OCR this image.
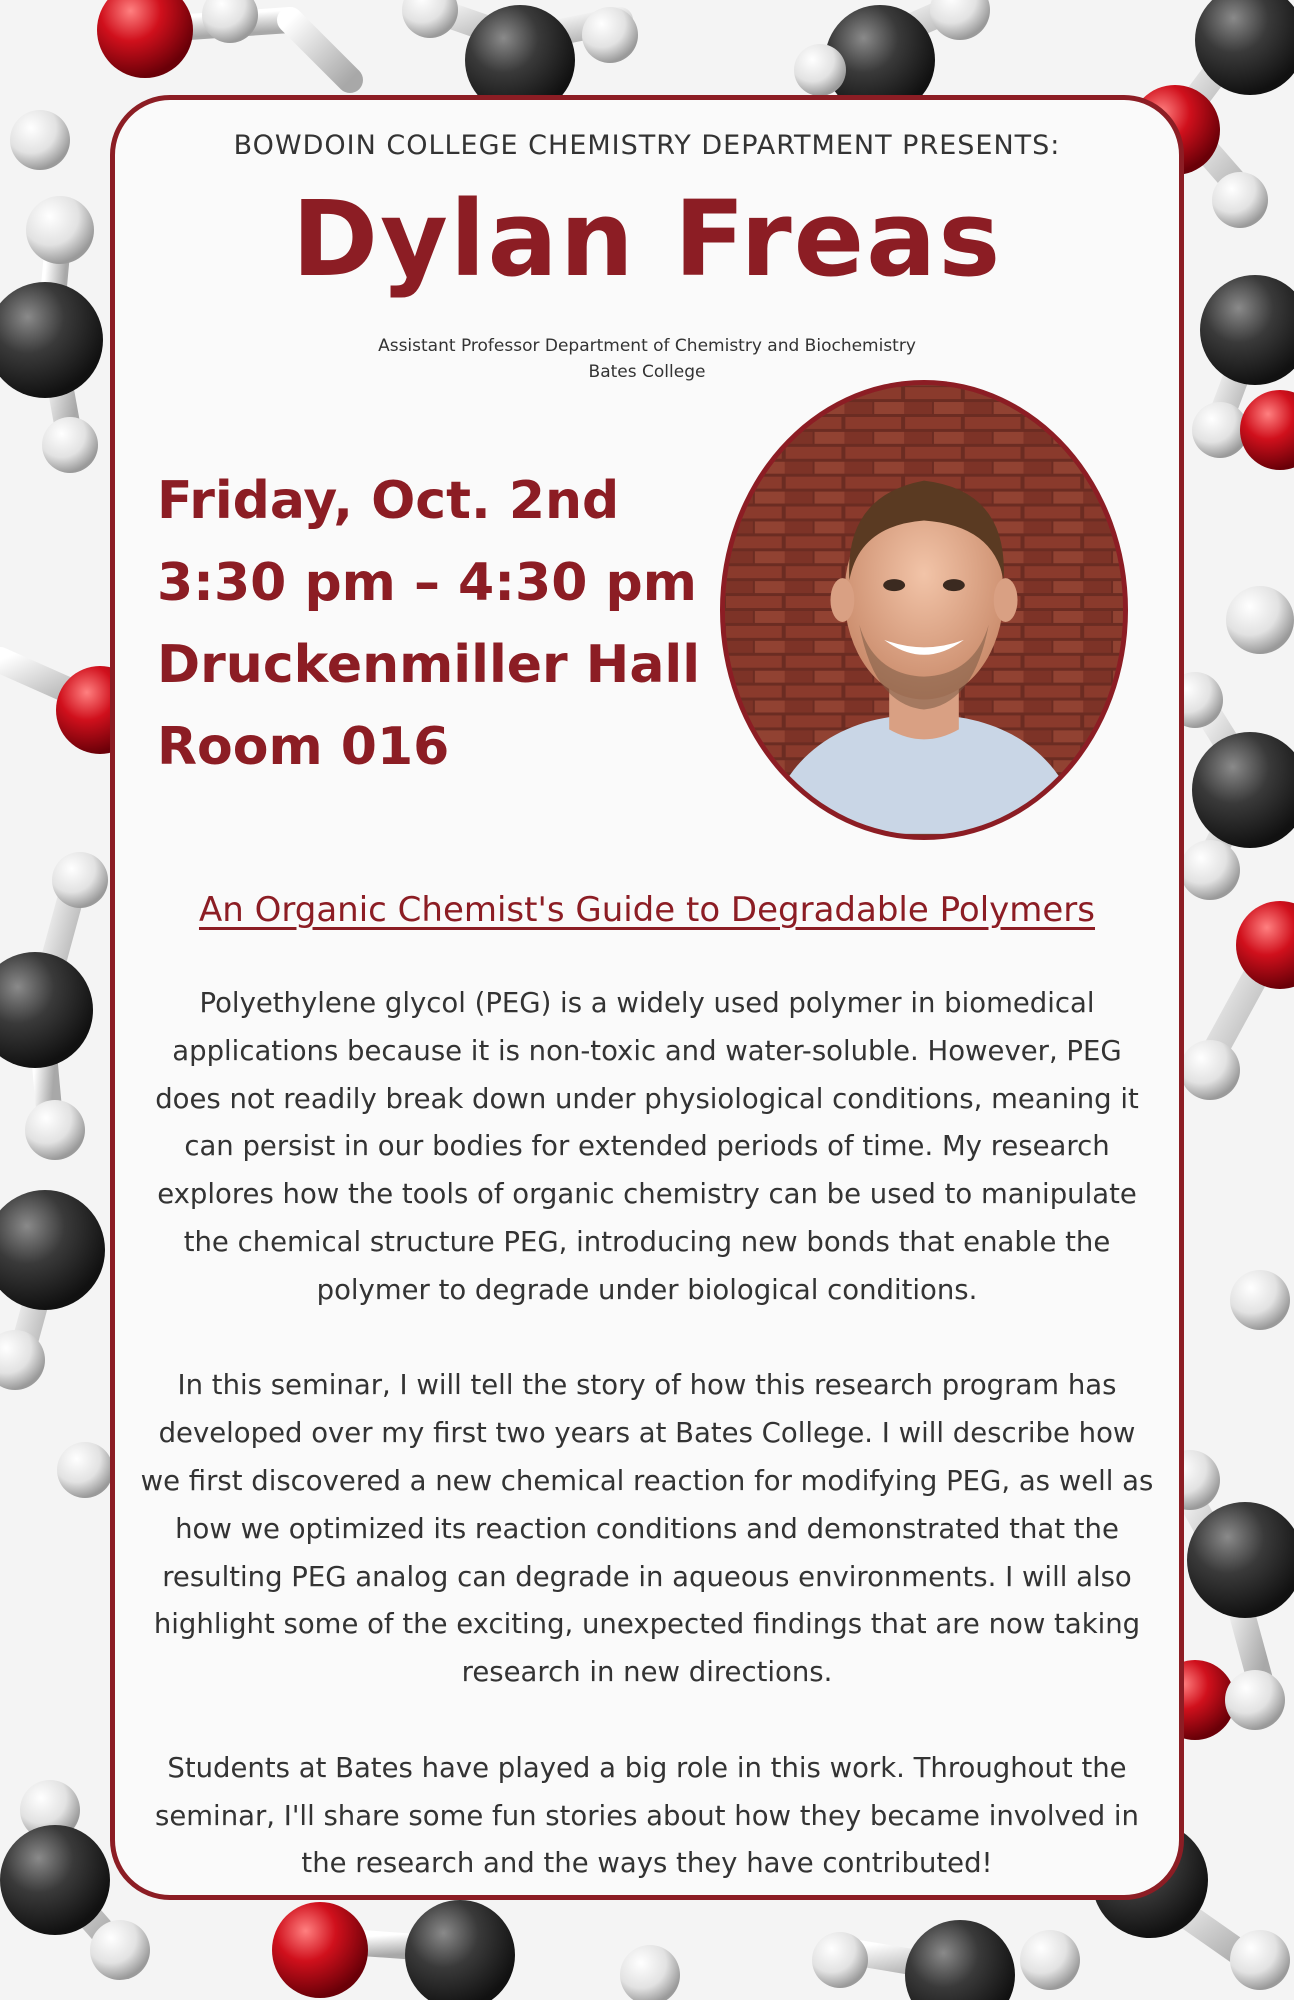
BOWDOIN COLLEGE CHEMISTRY DEPARTMENT PRESENTS:
Dylan Freas
Assistant Professor Department of Chemistry and Biochemistry
Bates College
Friday, Oct. 2nd
3:30 pm – 4:30 pm
Druckenmiller Hall
Room 016
An Organic Chemist's Guide to Degradable Polymers

Polyethylene glycol (PEG) is a widely used polymer in biomedical applications because it is non-toxic and water-soluble. However, PEG does not readily break down under physiological conditions, meaning it can persist in our bodies for extended periods of time. My research explores how the tools of organic chemistry can be used to manipulate the chemical structure PEG, introducing new bonds that enable the polymer to degrade under biological conditions.

In this seminar, I will tell the story of how this research program has developed over my first two years at Bates College. I will describe how we first discovered a new chemical reaction for modifying PEG, as well as how we optimized its reaction conditions and demonstrated that the resulting PEG analog can degrade in aqueous environments. I will also highlight some of the exciting, unexpected findings that are now taking research in new directions.

Students at Bates have played a big role in this work. Throughout the seminar, I'll share some fun stories about how they became involved in the research and the ways they have contributed!
